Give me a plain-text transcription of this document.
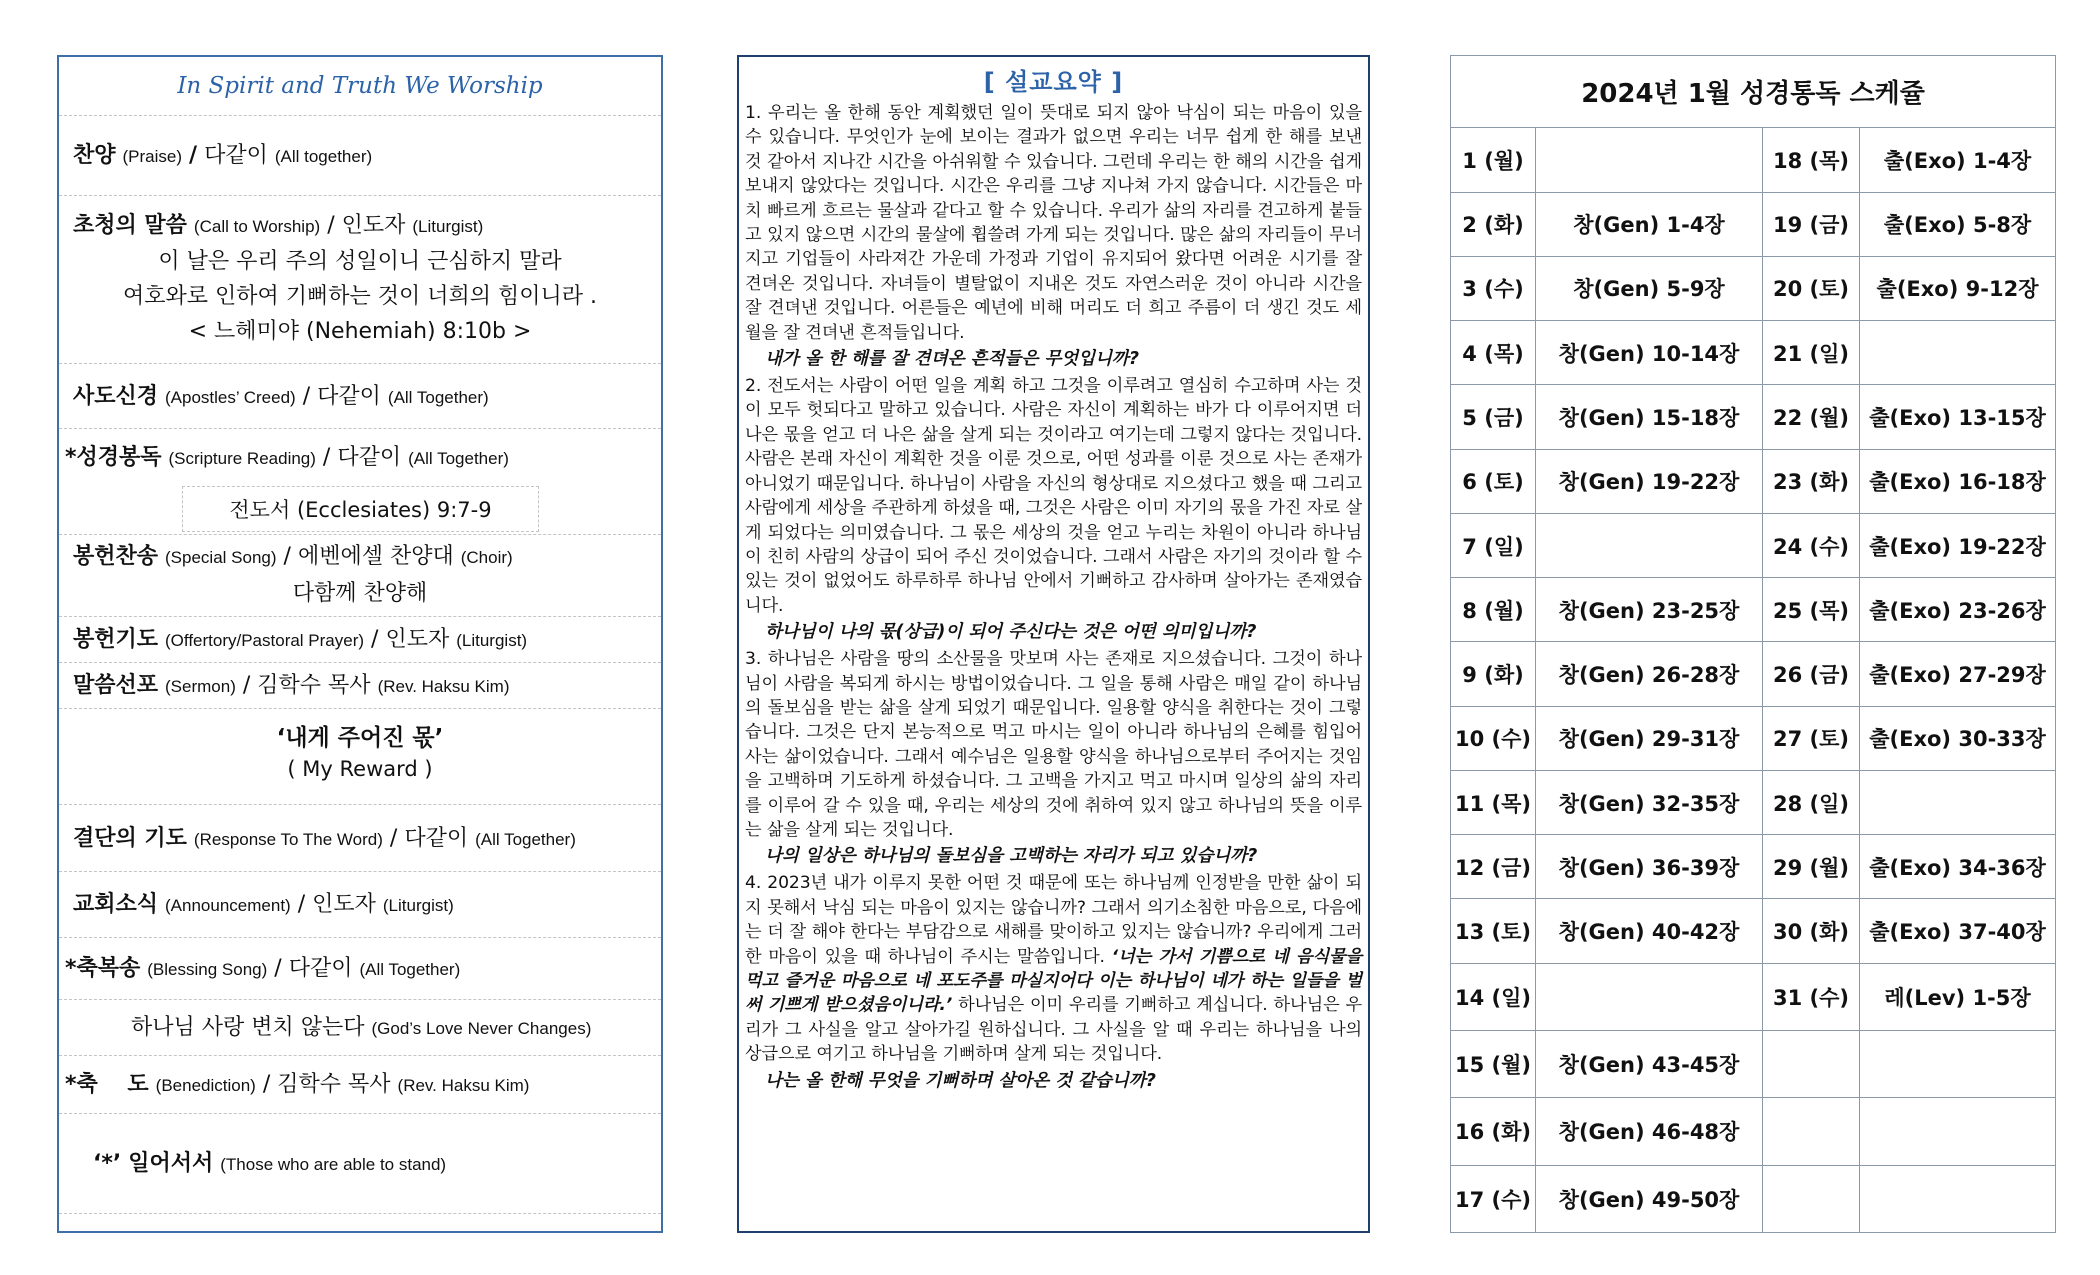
In Spirit and Truth We Worship
찬양 (Praise) / 다같이 (All together)
초청의 말씀 (Call to Worship) / 인도자 (Liturgist)
이 날은 우리 주의 성일이니 근심하지 말라
여호와로 인하여 기뻐하는 것이 너희의 힘이니라 .
< 느헤미야 (Nehemiah) 8:10b >
사도신경 (Apostles’ Creed) / 다같이 (All Together)
*성경봉독 (Scripture Reading) / 다같이 (All Together)
전도서 (Ecclesiates) 9:7-9
봉헌찬송 (Special Song) / 에벤에셀 찬양대 (Choir)
다함께 찬양해
봉헌기도 (Offertory/Pastoral Prayer) / 인도자 (Liturgist)
말씀선포 (Sermon) / 김학수 목사 (Rev. Haksu Kim)
‘내게 주어진 몫’
( My Reward )
결단의 기도 (Response To The Word) / 다같이 (All Together)
교회소식 (Announcement) / 인도자 (Liturgist)
*축복송 (Blessing Song) / 다같이 (All Together)
하나님 사랑 변치 않는다 (God’s Love Never Changes)
*축　 도 (Benediction) / 김학수 목사 (Rev. Haksu Kim)
‘*’ 일어서서 (Those who are able to stand)
[ 설교요약 ]

1. 우리는 올 한해 동안 계획했던 일이 뜻대로 되지 않아 낙심이 되는 마음이 있을 수 있습니다. 무엇인가 눈에 보이는 결과가 없으면 우리는 너무 쉽게 한 해를 보낸 것 같아서 지나간 시간을 아쉬워할 수 있습니다. 그런데 우리는 한 해의 시간을 쉽게 보내지 않았다는 것입니다. 시간은 우리를 그냥 지나쳐 가지 않습니다. 시간들은 마치 빠르게 흐르는 물살과 같다고 할 수 있습니다. 우리가 삶의 자리를 견고하게 붙들고 있지 않으면 시간의 물살에 휩쓸려 가게 되는 것입니다. 많은 삶의 자리들이 무너지고 기업들이 사라져간 가운데 가정과 기업이 유지되어 왔다면 어려운 시기를 잘 견뎌온 것입니다. 자녀들이 별탈없이 지내온 것도 자연스러운 것이 아니라 시간을 잘 견뎌낸 것입니다. 어른들은 예년에 비해 머리도 더 희고 주름이 더 생긴 것도 세월을 잘 견뎌낸 흔적들입니다.

내가 올 한 해를 잘 견뎌온 흔적들은 무엇입니까?

2. 전도서는 사람이 어떤 일을 계획 하고 그것을 이루려고 열심히 수고하며 사는 것이 모두 헛되다고 말하고 있습니다. 사람은 자신이 계획하는 바가 다 이루어지면 더 나은 몫을 얻고 더 나은 삶을 살게 되는 것이라고 여기는데 그렇지 않다는 것입니다. 사람은 본래 자신이 계획한 것을 이룬 것으로, 어떤 성과를 이룬 것으로 사는 존재가 아니었기 때문입니다. 하나님이 사람을 자신의 형상대로 지으셨다고 했을 때 그리고 사람에게 세상을 주관하게 하셨을 때, 그것은 사람은 이미 자기의 몫을 가진 자로 살게 되었다는 의미였습니다. 그 몫은 세상의 것을 얻고 누리는 차원이 아니라 하나님이 친히 사람의 상급이 되어 주신 것이었습니다. 그래서 사람은 자기의 것이라 할 수 있는 것이 없었어도 하루하루 하나님 안에서 기뻐하고 감사하며 살아가는 존재였습니다.

하나님이 나의 몫(상급)이 되어 주신다는 것은 어떤 의미입니까?

3. 하나님은 사람을 땅의 소산물을 맛보며 사는 존재로 지으셨습니다. 그것이 하나님이 사람을 복되게 하시는 방법이었습니다. 그 일을 통해 사람은 매일 같이 하나님의 돌보심을 받는 삶을 살게 되었기 때문입니다. 일용할 양식을 취한다는 것이 그렇습니다. 그것은 단지 본능적으로 먹고 마시는 일이 아니라 하나님의 은혜를 힘입어 사는 삶이었습니다. 그래서 예수님은 일용할 양식을 하나님으로부터 주어지는 것임을 고백하며 기도하게 하셨습니다. 그 고백을 가지고 먹고 마시며 일상의 삶의 자리를 이루어 갈 수 있을 때, 우리는 세상의 것에 취하여 있지 않고 하나님의 뜻을 이루는 삶을 살게 되는 것입니다.

나의 일상은 하나님의 돌보심을 고백하는 자리가 되고 있습니까?

4. 2023년 내가 이루지 못한 어떤 것 때문에 또는 하나님께 인정받을 만한 삶이 되지 못해서 낙심 되는 마음이 있지는 않습니까? 그래서 의기소침한 마음으로, 다음에는 더 잘 해야 한다는 부담감으로 새해를 맞이하고 있지는 않습니까? 우리에게 그러한 마음이 있을 때 하나님이 주시는 말씀입니다. ‘너는 가서 기쁨으로 네 음식물을 먹고 즐거운 마음으로 네 포도주를 마실지어다 이는 하나님이 네가 하는 일들을 벌써 기쁘게 받으셨음이니라.’ 하나님은 이미 우리를 기뻐하고 계십니다. 하나님은 우리가 그 사실을 알고 살아가길 원하십니다. 그 사실을 알 때 우리는 하나님을 나의 상급으로 여기고 하나님을 기뻐하며 살게 되는 것입니다.

나는 올 한해 무엇을 기뻐하며 살아온 것 같습니까?

2024년 1월 성경통독 스케쥴			
1 (월)		18 (목)	출(Exo) 1-4장
2 (화)	창(Gen) 1-4장	19 (금)	출(Exo) 5-8장
3 (수)	창(Gen) 5-9장	20 (토)	출(Exo) 9-12장
4 (목)	창(Gen) 10-14장	21 (일)	
5 (금)	창(Gen) 15-18장	22 (월)	출(Exo) 13-15장
6 (토)	창(Gen) 19-22장	23 (화)	출(Exo) 16-18장
7 (일)		24 (수)	출(Exo) 19-22장
8 (월)	창(Gen) 23-25장	25 (목)	출(Exo) 23-26장
9 (화)	창(Gen) 26-28장	26 (금)	출(Exo) 27-29장
10 (수)	창(Gen) 29-31장	27 (토)	출(Exo) 30-33장
11 (목)	창(Gen) 32-35장	28 (일)	
12 (금)	창(Gen) 36-39장	29 (월)	출(Exo) 34-36장
13 (토)	창(Gen) 40-42장	30 (화)	출(Exo) 37-40장
14 (일)		31 (수)	레(Lev) 1-5장
15 (월)	창(Gen) 43-45장		
16 (화)	창(Gen) 46-48장		
17 (수)	창(Gen) 49-50장		
